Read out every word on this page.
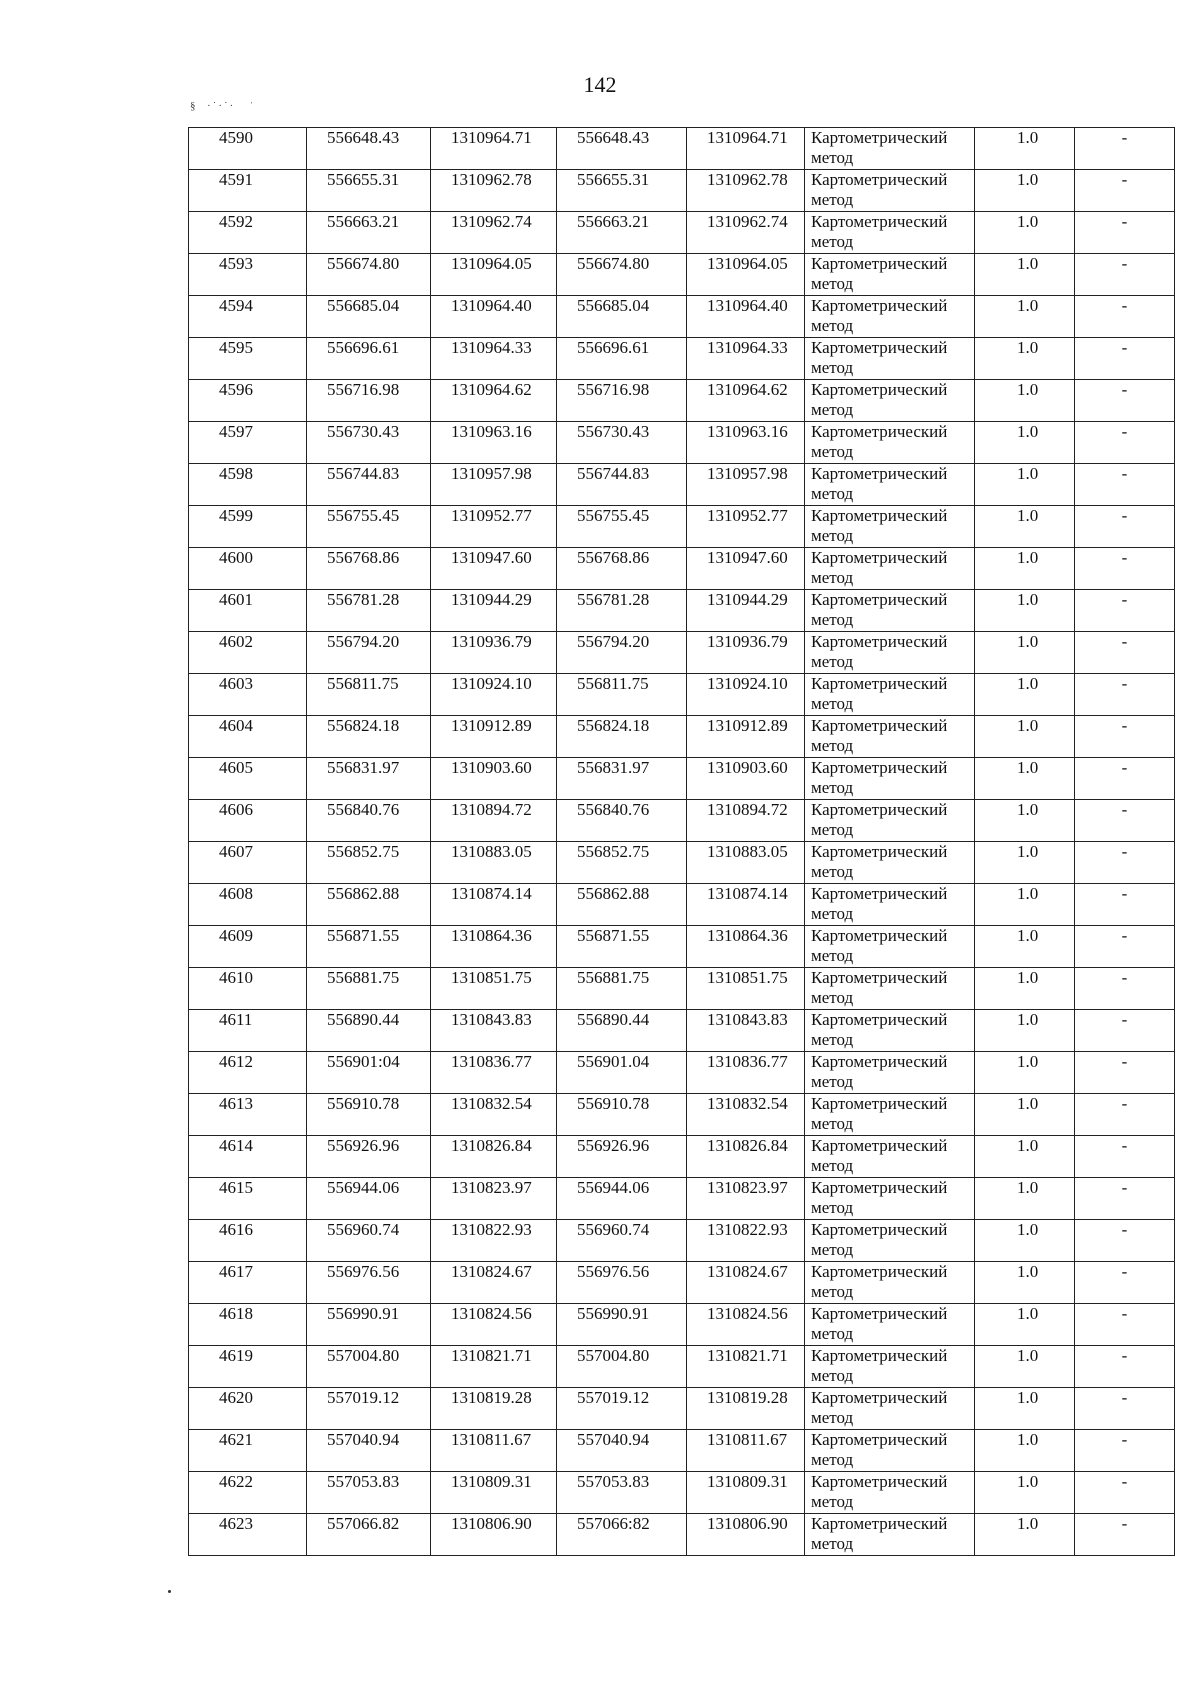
§  ·˙·˙·   ˈ
142
4590	556648.43	1310964.71	556648.43	1310964.71	Картометрический
метод	1.0	-
4591	556655.31	1310962.78	556655.31	1310962.78	Картометрический
метод	1.0	-
4592	556663.21	1310962.74	556663.21	1310962.74	Картометрический
метод	1.0	-
4593	556674.80	1310964.05	556674.80	1310964.05	Картометрический
метод	1.0	-
4594	556685.04	1310964.40	556685.04	1310964.40	Картометрический
метод	1.0	-
4595	556696.61	1310964.33	556696.61	1310964.33	Картометрический
метод	1.0	-
4596	556716.98	1310964.62	556716.98	1310964.62	Картометрический
метод	1.0	-
4597	556730.43	1310963.16	556730.43	1310963.16	Картометрический
метод	1.0	-
4598	556744.83	1310957.98	556744.83	1310957.98	Картометрический
метод	1.0	-
4599	556755.45	1310952.77	556755.45	1310952.77	Картометрический
метод	1.0	-
4600	556768.86	1310947.60	556768.86	1310947.60	Картометрический
метод	1.0	-
4601	556781.28	1310944.29	556781.28	1310944.29	Картометрический
метод	1.0	-
4602	556794.20	1310936.79	556794.20	1310936.79	Картометрический
метод	1.0	-
4603	556811.75	1310924.10	556811.75	1310924.10	Картометрический
метод	1.0	-
4604	556824.18	1310912.89	556824.18	1310912.89	Картометрический
метод	1.0	-
4605	556831.97	1310903.60	556831.97	1310903.60	Картометрический
метод	1.0	-
4606	556840.76	1310894.72	556840.76	1310894.72	Картометрический
метод	1.0	-
4607	556852.75	1310883.05	556852.75	1310883.05	Картометрический
метод	1.0	-
4608	556862.88	1310874.14	556862.88	1310874.14	Картометрический
метод	1.0	-
4609	556871.55	1310864.36	556871.55	1310864.36	Картометрический
метод	1.0	-
4610	556881.75	1310851.75	556881.75	1310851.75	Картометрический
метод	1.0	-
4611	556890.44	1310843.83	556890.44	1310843.83	Картометрический
метод	1.0	-
4612	556901:04	1310836.77	556901.04	1310836.77	Картометрический
метод	1.0	-
4613	556910.78	1310832.54	556910.78	1310832.54	Картометрический
метод	1.0	-
4614	556926.96	1310826.84	556926.96	1310826.84	Картометрический
метод	1.0	-
4615	556944.06	1310823.97	556944.06	1310823.97	Картометрический
метод	1.0	-
4616	556960.74	1310822.93	556960.74	1310822.93	Картометрический
метод	1.0	-
4617	556976.56	1310824.67	556976.56	1310824.67	Картометрический
метод	1.0	-
4618	556990.91	1310824.56	556990.91	1310824.56	Картометрический
метод	1.0	-
4619	557004.80	1310821.71	557004.80	1310821.71	Картометрический
метод	1.0	-
4620	557019.12	1310819.28	557019.12	1310819.28	Картометрический
метод	1.0	-
4621	557040.94	1310811.67	557040.94	1310811.67	Картометрический
метод	1.0	-
4622	557053.83	1310809.31	557053.83	1310809.31	Картометрический
метод	1.0	-
4623	557066.82	1310806.90	557066:82	1310806.90	Картометрический
метод	1.0	-
